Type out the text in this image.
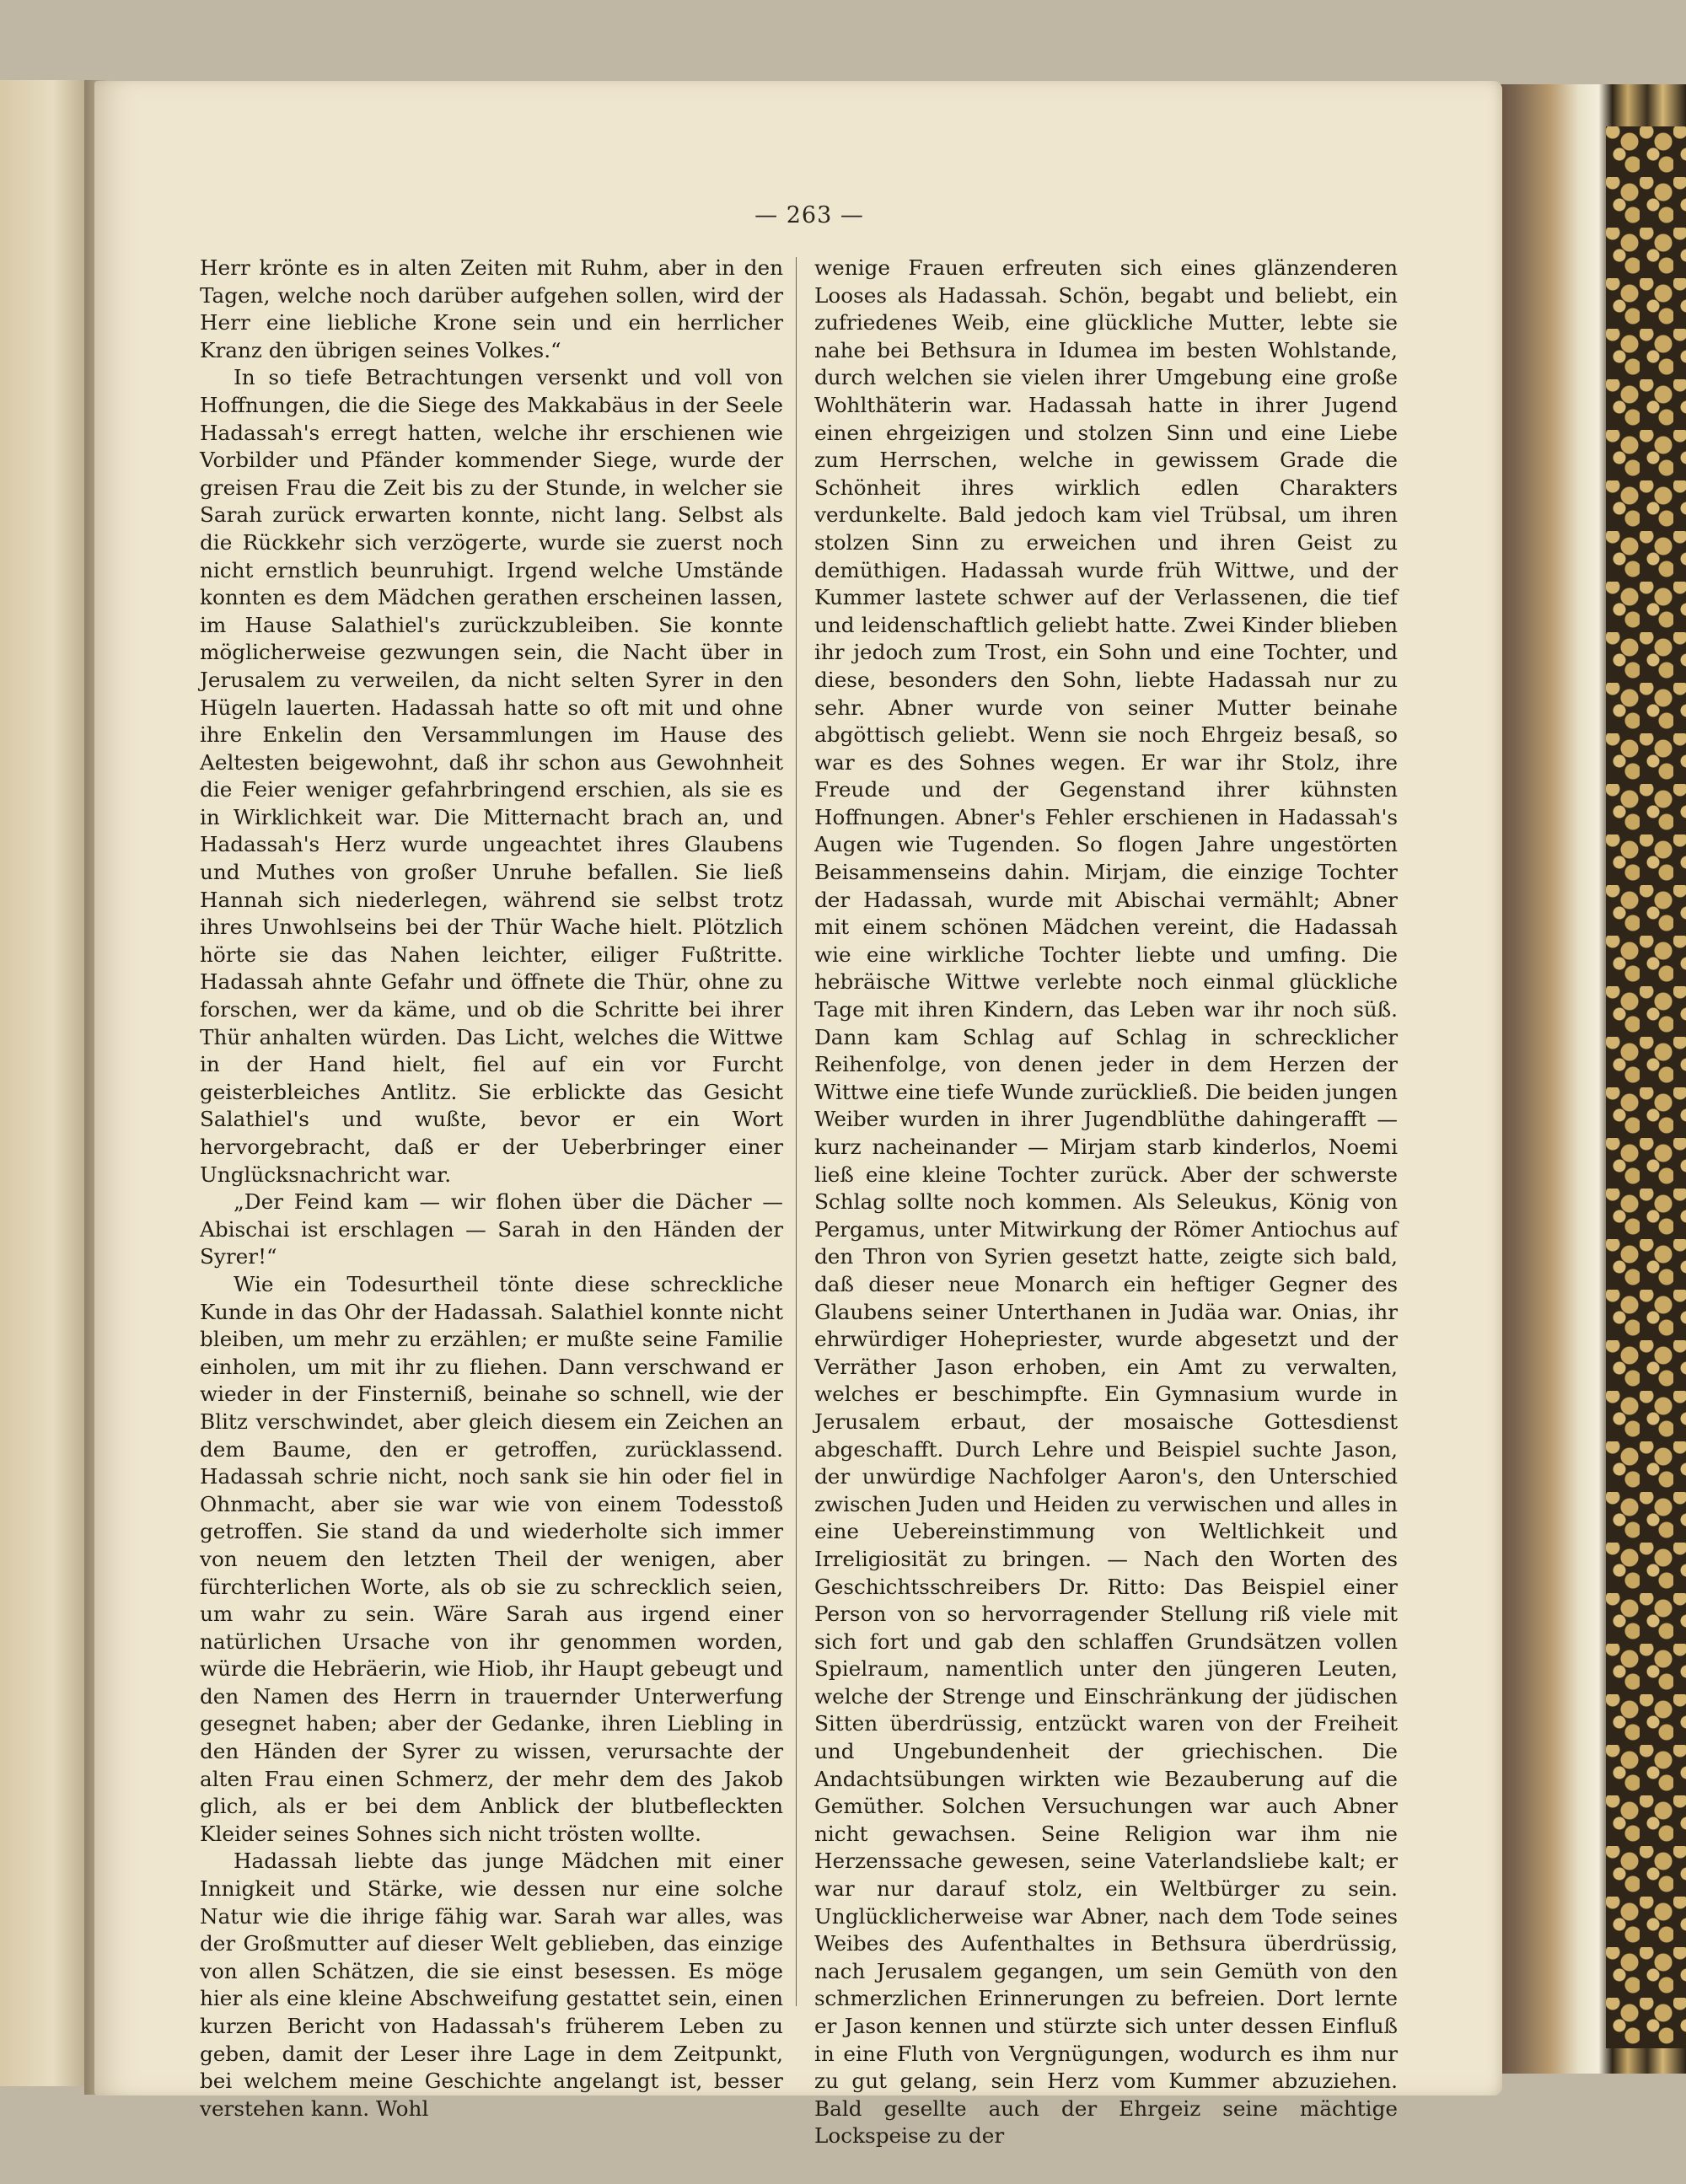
— 263 —

Herr krönte es in alten Zeiten mit Ruhm, aber in den Tagen, welche noch darüber aufgehen sollen, wird der Herr eine liebliche Krone sein und ein herrlicher Kranz den übrigen seines Volkes.“

In so tiefe Betrachtungen versenkt und voll von Hoffnungen, die die Siege des Makkabäus in der Seele Hadassah's erregt hatten, welche ihr erschienen wie Vorbilder und Pfänder kommender Siege, wurde der greisen Frau die Zeit bis zu der Stunde, in welcher sie Sarah zurück erwarten konnte, nicht lang. Selbst als die Rückkehr sich verzögerte, wurde sie zuerst noch nicht ernstlich beunruhigt. Irgend welche Umstände konnten es dem Mädchen gerathen erscheinen lassen, im Hause Salathiel's zurückzubleiben. Sie konnte möglicherweise gezwungen sein, die Nacht über in Jerusalem zu verweilen, da nicht selten Syrer in den Hügeln lauerten. Hadassah hatte so oft mit und ohne ihre Enkelin den Versammlungen im Hause des Aeltesten beigewohnt, daß ihr schon aus Gewohnheit die Feier weniger gefahrbringend erschien, als sie es in Wirklichkeit war. Die Mitternacht brach an, und Hadassah's Herz wurde ungeachtet ihres Glaubens und Muthes von großer Unruhe befallen. Sie ließ Hannah sich niederlegen, während sie selbst trotz ihres Unwohlseins bei der Thür Wache hielt. Plötzlich hörte sie das Nahen leichter, eiliger Fußtritte. Hadassah ahnte Gefahr und öffnete die Thür, ohne zu forschen, wer da käme, und ob die Schritte bei ihrer Thür anhalten würden. Das Licht, welches die Wittwe in der Hand hielt, fiel auf ein vor Furcht geisterbleiches Antlitz. Sie erblickte das Gesicht Salathiel's und wußte, bevor er ein Wort hervorgebracht, daß er der Ueberbringer einer Unglücksnachricht war.

„Der Feind kam — wir flohen über die Dächer — Abischai ist erschlagen — Sarah in den Händen der Syrer!“

Wie ein Todesurtheil tönte diese schreckliche Kunde in das Ohr der Hadassah. Salathiel konnte nicht bleiben, um mehr zu erzählen; er mußte seine Familie einholen, um mit ihr zu fliehen. Dann verschwand er wieder in der Finsterniß, beinahe so schnell, wie der Blitz verschwindet, aber gleich diesem ein Zeichen an dem Baume, den er getroffen, zurücklassend. Hadassah schrie nicht, noch sank sie hin oder fiel in Ohnmacht, aber sie war wie von einem Todesstoß getroffen. Sie stand da und wiederholte sich immer von neuem den letzten Theil der wenigen, aber fürchterlichen Worte, als ob sie zu schrecklich seien, um wahr zu sein. Wäre Sarah aus irgend einer natürlichen Ursache von ihr genommen worden, würde die Hebräerin, wie Hiob, ihr Haupt gebeugt und den Namen des Herrn in trauernder Unterwerfung gesegnet haben; aber der Gedanke, ihren Liebling in den Händen der Syrer zu wissen, verursachte der alten Frau einen Schmerz, der mehr dem des Jakob glich, als er bei dem Anblick der blutbefleckten Kleider seines Sohnes sich nicht trösten wollte.

Hadassah liebte das junge Mädchen mit einer Innigkeit und Stärke, wie dessen nur eine solche Natur wie die ihrige fähig war. Sarah war alles, was der Großmutter auf dieser Welt geblieben, das einzige von allen Schätzen, die sie einst besessen. Es möge hier als eine kleine Abschweifung gestattet sein, einen kurzen Bericht von Hadassah's früherem Leben zu geben, damit der Leser ihre Lage in dem Zeitpunkt, bei welchem meine Geschichte angelangt ist, besser verstehen kann. Wohl

wenige Frauen erfreuten sich eines glänzenderen Looses als Hadassah. Schön, begabt und beliebt, ein zufriedenes Weib, eine glückliche Mutter, lebte sie nahe bei Bethsura in Idumea im besten Wohlstande, durch welchen sie vielen ihrer Umgebung eine große Wohlthäterin war. Hadassah hatte in ihrer Jugend einen ehrgeizigen und stolzen Sinn und eine Liebe zum Herrschen, welche in gewissem Grade die Schönheit ihres wirklich edlen Charakters verdunkelte. Bald jedoch kam viel Trübsal, um ihren stolzen Sinn zu erweichen und ihren Geist zu demüthigen. Hadassah wurde früh Wittwe, und der Kummer lastete schwer auf der Verlassenen, die tief und leidenschaftlich geliebt hatte. Zwei Kinder blieben ihr jedoch zum Trost, ein Sohn und eine Tochter, und diese, besonders den Sohn, liebte Hadassah nur zu sehr. Abner wurde von seiner Mutter beinahe abgöttisch geliebt. Wenn sie noch Ehrgeiz besaß, so war es des Sohnes wegen. Er war ihr Stolz, ihre Freude und der Gegenstand ihrer kühnsten Hoffnungen. Abner's Fehler erschienen in Hadassah's Augen wie Tugenden. So flogen Jahre ungestörten Beisammenseins dahin. Mirjam, die einzige Tochter der Hadassah, wurde mit Abischai vermählt; Abner mit einem schönen Mädchen vereint, die Hadassah wie eine wirkliche Tochter liebte und umfing. Die hebräische Wittwe verlebte noch einmal glückliche Tage mit ihren Kindern, das Leben war ihr noch süß. Dann kam Schlag auf Schlag in schrecklicher Reihenfolge, von denen jeder in dem Herzen der Wittwe eine tiefe Wunde zurückließ. Die beiden jungen Weiber wurden in ihrer Jugendblüthe dahingerafft — kurz nacheinander — Mirjam starb kinderlos, Noemi ließ eine kleine Tochter zurück. Aber der schwerste Schlag sollte noch kommen. Als Seleukus, König von Pergamus, unter Mitwirkung der Römer Antiochus auf den Thron von Syrien gesetzt hatte, zeigte sich bald, daß dieser neue Monarch ein heftiger Gegner des Glaubens seiner Unterthanen in Judäa war. Onias, ihr ehrwürdiger Hohepriester, wurde abgesetzt und der Verräther Jason erhoben, ein Amt zu verwalten, welches er beschimpfte. Ein Gymnasium wurde in Jerusalem erbaut, der mosaische Gottesdienst abgeschafft. Durch Lehre und Beispiel suchte Jason, der unwürdige Nachfolger Aaron's, den Unterschied zwischen Juden und Heiden zu verwischen und alles in eine Uebereinstimmung von Weltlichkeit und Irreligiosität zu bringen. — Nach den Worten des Geschichtsschreibers Dr. Ritto: Das Beispiel einer Person von so hervorragender Stellung riß viele mit sich fort und gab den schlaffen Grundsätzen vollen Spielraum, namentlich unter den jüngeren Leuten, welche der Strenge und Einschränkung der jüdischen Sitten überdrüssig, entzückt waren von der Freiheit und Ungebundenheit der griechischen. Die Andachtsübungen wirkten wie Bezauberung auf die Gemüther. Solchen Versuchungen war auch Abner nicht gewachsen. Seine Religion war ihm nie Herzenssache gewesen, seine Vaterlandsliebe kalt; er war nur darauf stolz, ein Weltbürger zu sein. Unglücklicherweise war Abner, nach dem Tode seines Weibes des Aufenthaltes in Bethsura überdrüssig, nach Jerusalem gegangen, um sein Gemüth von den schmerzlichen Erinnerungen zu befreien. Dort lernte er Jason kennen und stürzte sich unter dessen Einfluß in eine Fluth von Vergnügungen, wodurch es ihm nur zu gut gelang, sein Herz vom Kummer abzuziehen. Bald gesellte auch der Ehrgeiz seine mächtige Lockspeise zu der
